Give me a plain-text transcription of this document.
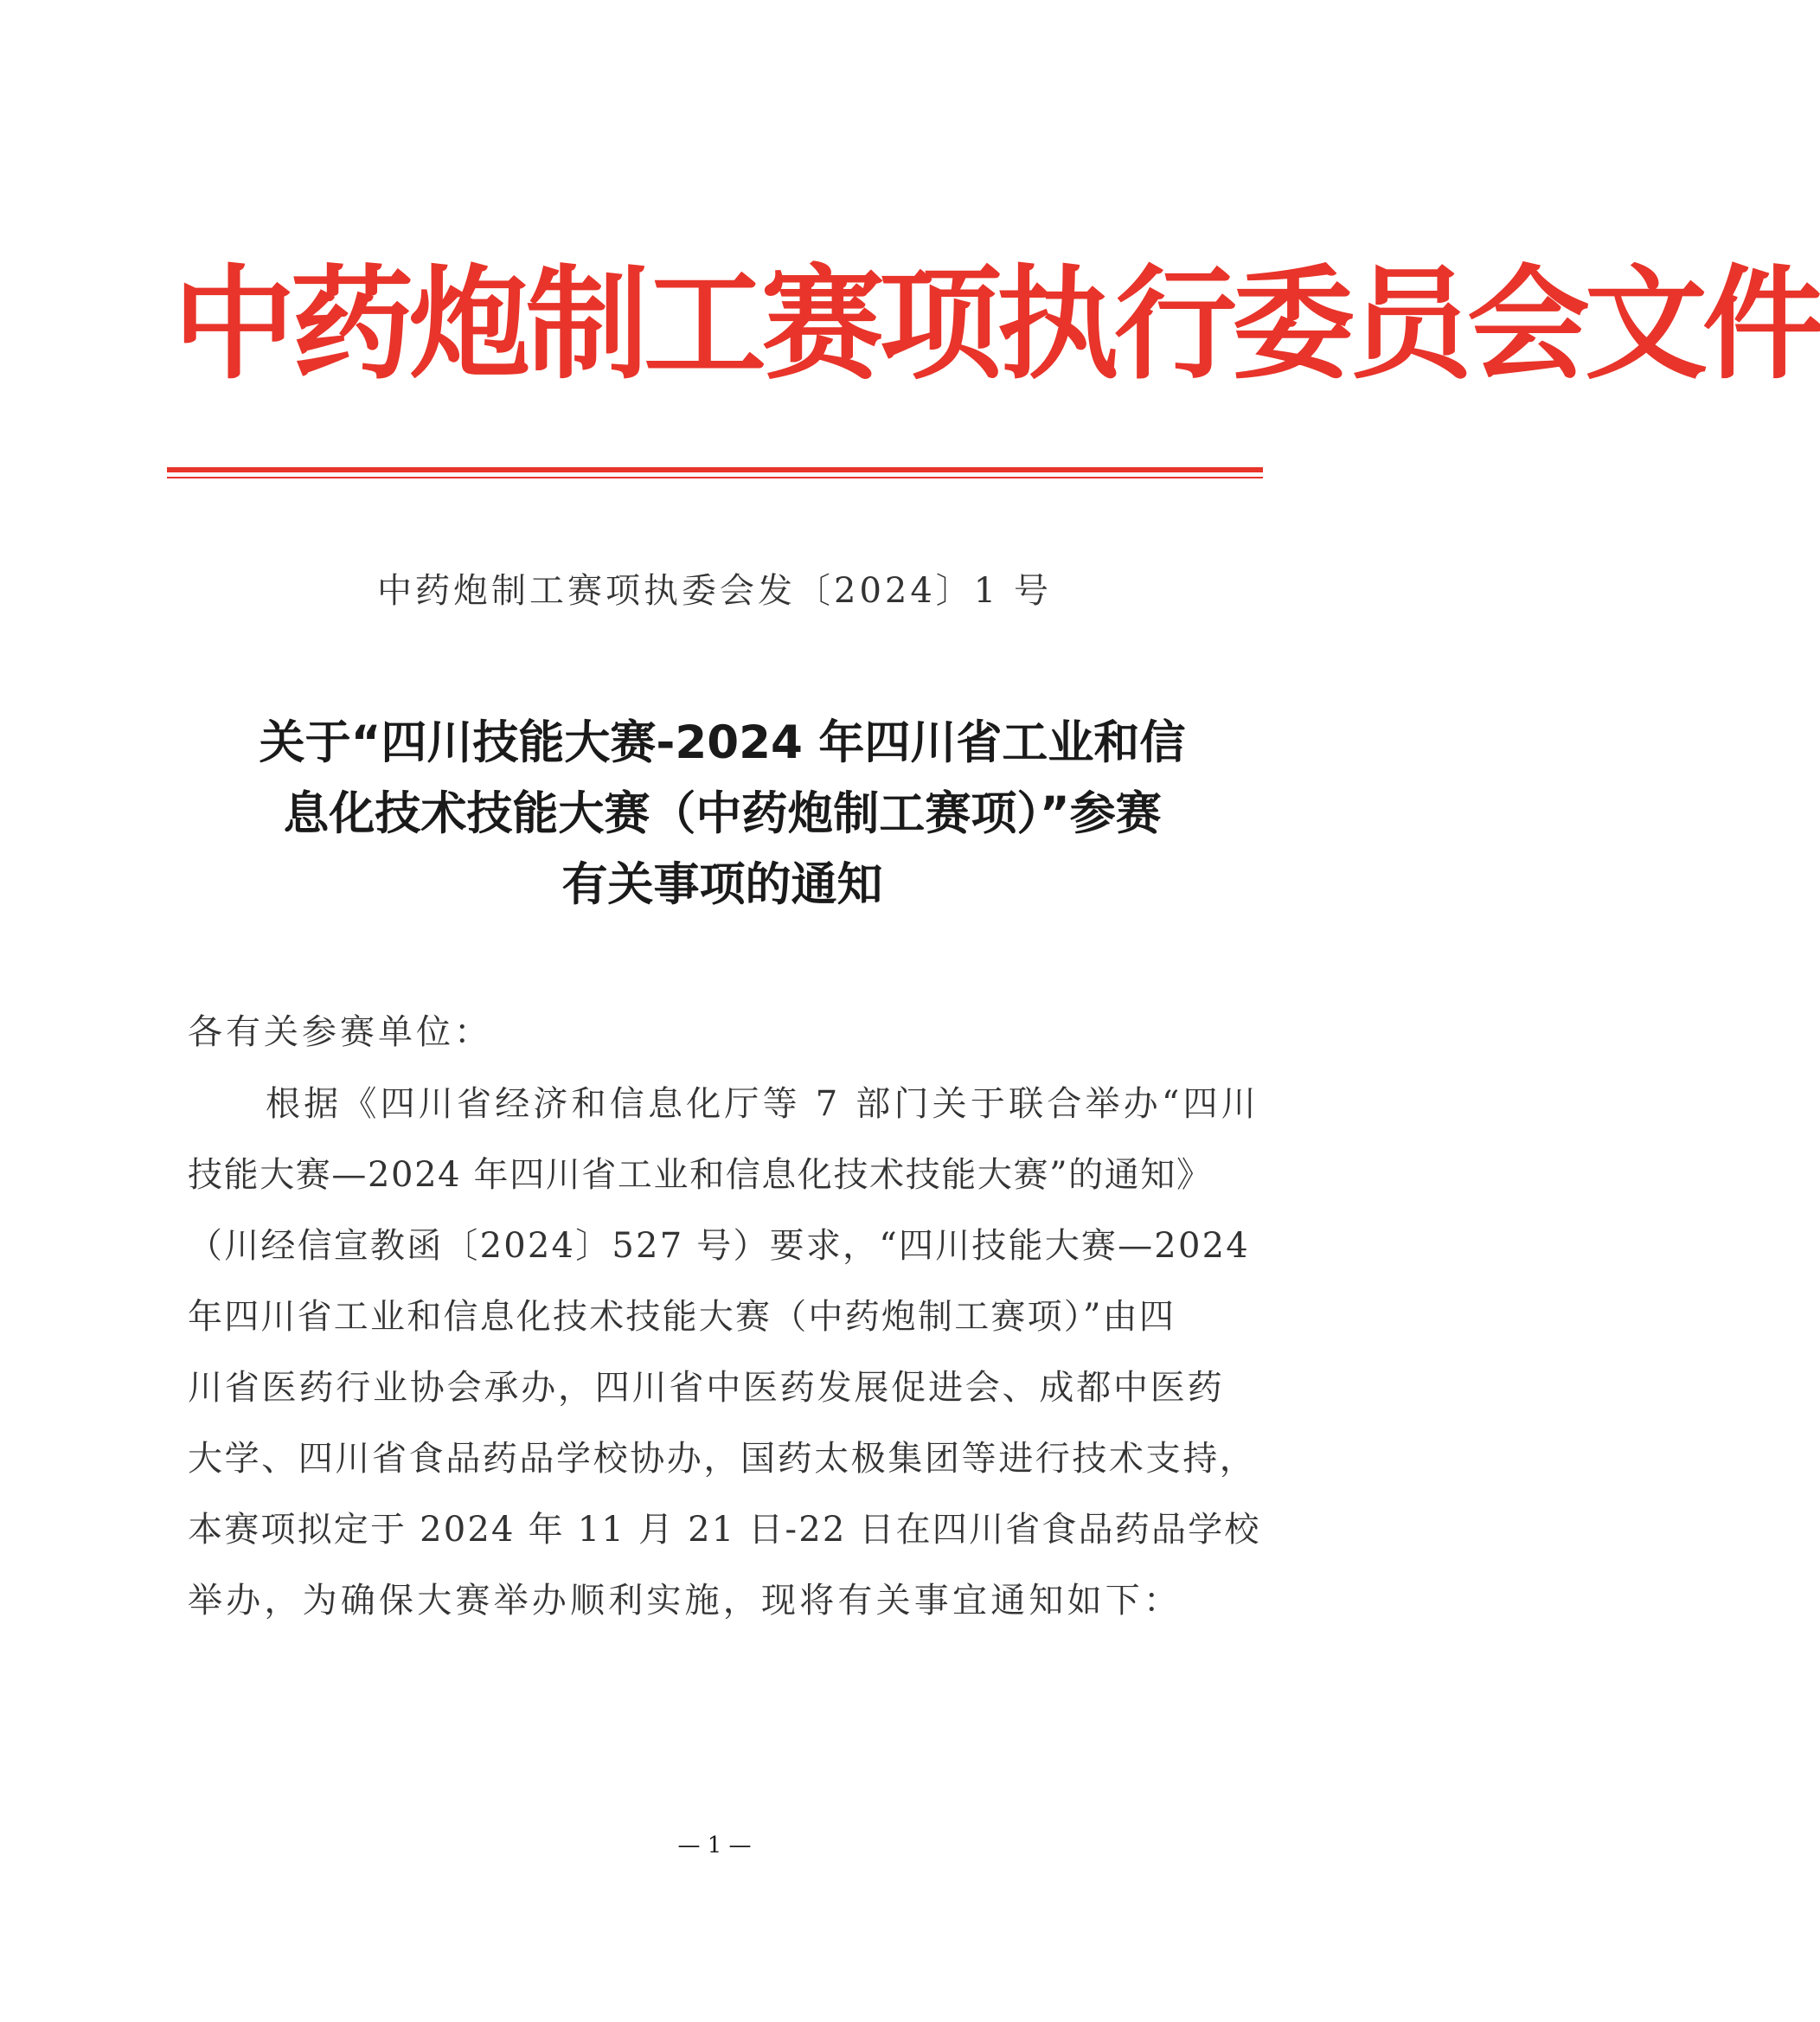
中药炮制工赛项执行委员会文件
中药炮制工赛项执委会发〔2024〕1 号
关于“四川技能大赛-2024 年四川省工业和信
息化技术技能大赛（中药炮制工赛项）”参赛
有关事项的通知
各有关参赛单位：
根据《四川省经济和信息化厅等 7 部门关于联合举办“四川
技能大赛—2024 年四川省工业和信息化技术技能大赛”的通知》
（川经信宣教函〔2024〕527 号）要求，“四川技能大赛—2024
年四川省工业和信息化技术技能大赛（中药炮制工赛项）”由四
川省医药行业协会承办，四川省中医药发展促进会、成都中医药
大学、四川省食品药品学校协办，国药太极集团等进行技术支持，
本赛项拟定于 2024 年 11 月 21 日-22 日在四川省食品药品学校
举办，为确保大赛举办顺利实施，现将有关事宜通知如下：
— 1 —
